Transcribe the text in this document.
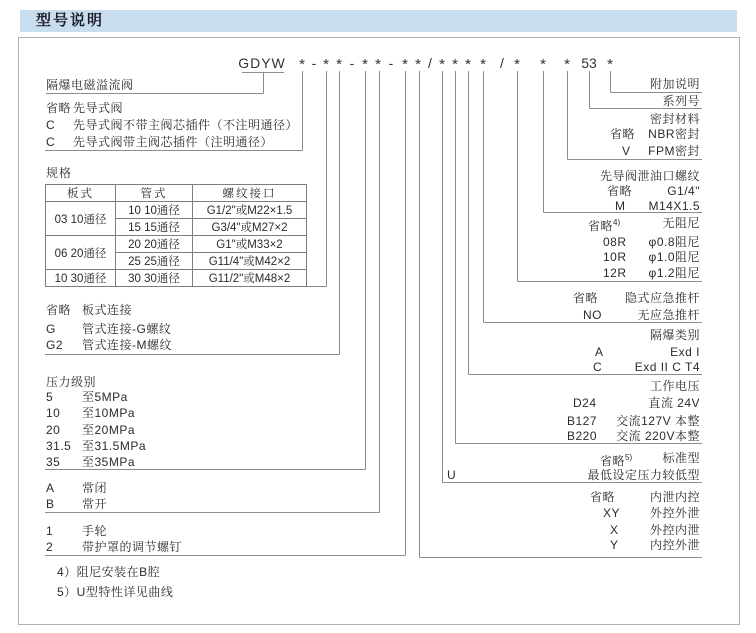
型号说明
GDYW * - * * - * * - * * / * * * *	/ *	*	* 53 *
隔爆电磁溢流阀
省略 先导式阀
C 先导式阀不带主阀芯插件（不注明通径）
C 先导式阀带主阀芯插件（注明通径）
省略 板式连接
G 管式连接-G螺纹
G2 管式连接-M螺纹
压力级别
5 至5MPa
10 至10MPa
20 至20MPa
31.5 至31.5MPa
35 至35MPa
A 常闭
B 常开
1 手轮
2 带护罩的调节螺钉
省略	内泄内控
XY 外控外泄
X	外控内泄
Y	内控外泄
省略$^{5)}$	标准型
U	最低设定压力较低型
工作电压
D24	直流 24V
B127	交流127V 本整
B220	交流 220V本整
隔爆类别
A	Exd I
C	Exd II C T4
省略 隐式应急推杆
NO	无应急推杆
省略$^{4)}$	无阻尼
08R	φ0.8阻尼
10R	φ1.0阻尼
12R	φ1.2阻尼
先导阀泄油口螺纹
省略	G1/4"
M	M14X1.5
密封材料
省略 NBR密封
V FPM密封
系列号
附加说明
规格
板式	管式	螺纹接口
03 10通径	10 10通径	G1/2"或M22×1.5
	15 15通径	G3/4"或M27×2
06 20通径	20 20通径	G1"或M33×2
	25 25通径	G11/4"或M42×2
10 30通径	30 30通径	G11/2"或M48×2
4）阻尼安装在B腔
5）U型特性详见曲线
